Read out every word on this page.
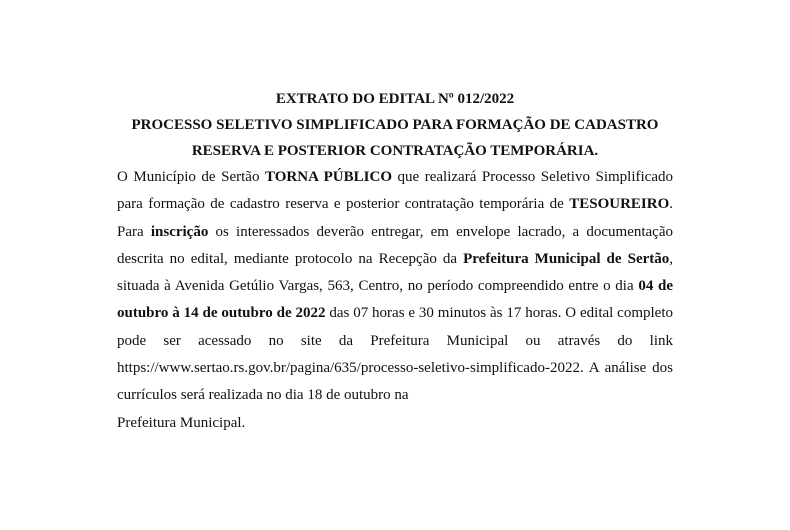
EXTRATO DO EDITAL Nº 012/2022

PROCESSO SELETIVO SIMPLIFICADO PARA FORMAÇÃO DE CADASTRO

RESERVA E POSTERIOR CONTRATAÇÃO TEMPORÁRIA.

O Município de Sertão TORNA PÚBLICO que realizará Processo Seletivo Simplificado para formação de cadastro reserva e posterior contratação temporária de TESOUREIRO. Para inscrição os interessados deverão entregar, em envelope lacrado, a documentação descrita no edital, mediante protocolo na Recepção da Prefeitura Municipal de Sertão, situada à Avenida Getúlio Vargas, 563, Centro, no período compreendido entre o dia 04 de outubro à 14 de outubro de 2022 das 07 horas e 30 minutos às 17 horas. O edital completo pode ser acessado no site da Prefeitura Municipal ou através do link https://www.sertao.rs.gov.br/pagina/635/processo-seletivo-simplificado-2022. A análise dos currículos será realizada no dia 18 de outubro na
Prefeitura Municipal.
